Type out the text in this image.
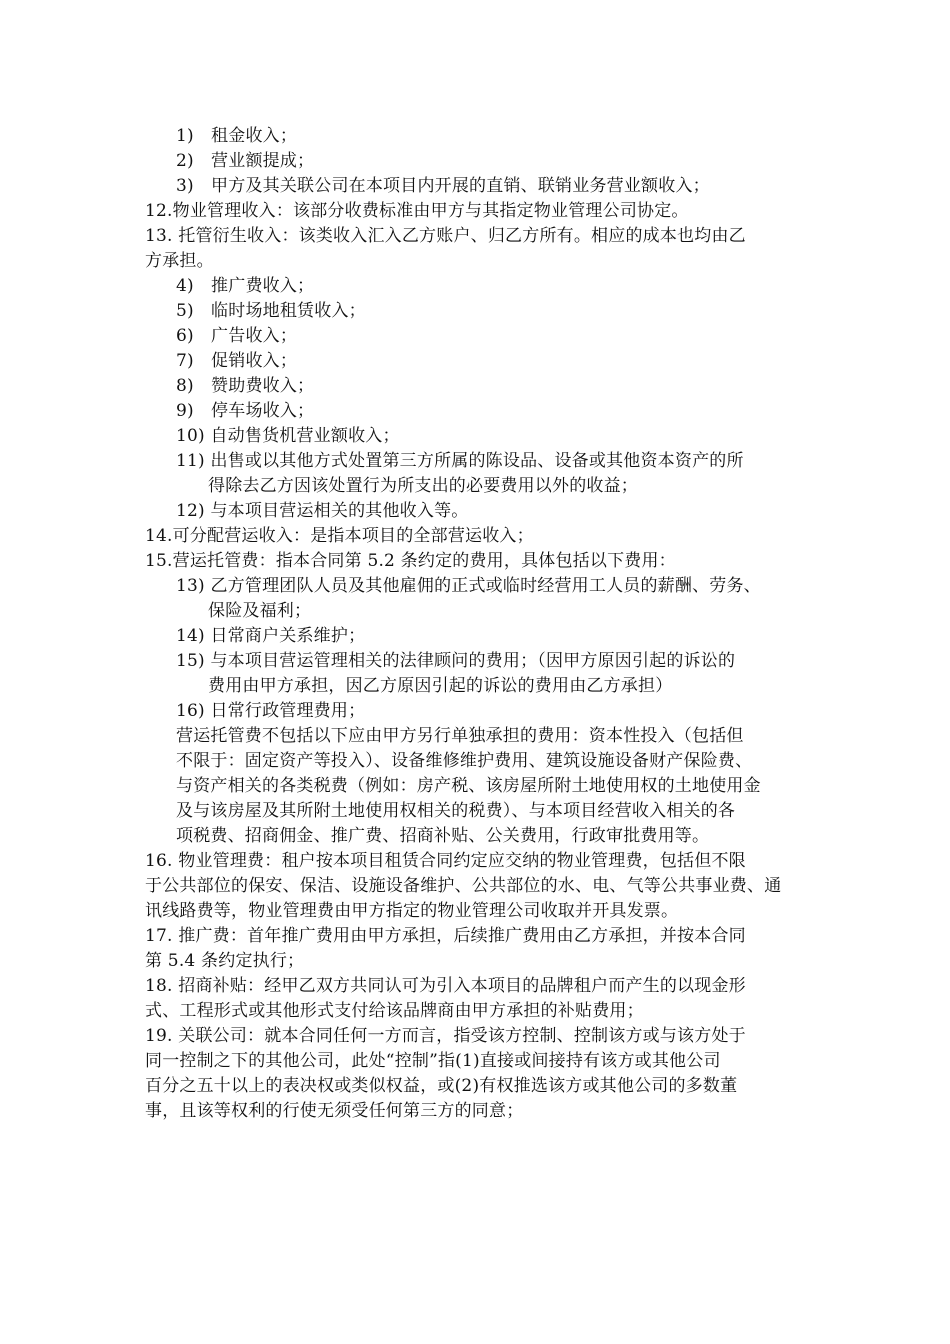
1)　租金收入；
2)　营业额提成；
3)　甲方及其关联公司在本项目内开展的直销、联销业务营业额收入；
12.物业管理收入：该部分收费标准由甲方与其指定物业管理公司协定。
13. 托管衍生收入：该类收入汇入乙方账户、归乙方所有。相应的成本也均由乙
方承担。
4)　推广费收入；
5)　临时场地租赁收入；
6)　广告收入；
7)　促销收入；
8)　赞助费收入；
9)　停车场收入；
10) 自动售货机营业额收入；
11) 出售或以其他方式处置第三方所属的陈设品、设备或其他资本资产的所
得除去乙方因该处置行为所支出的必要费用以外的收益；
12) 与本项目营运相关的其他收入等。
14.可分配营运收入：是指本项目的全部营运收入；
15.营运托管费：指本合同第 5.2 条约定的费用，具体包括以下费用：
13) 乙方管理团队人员及其他雇佣的正式或临时经营用工人员的薪酬、劳务、
保险及福利；
14) 日常商户关系维护；
15) 与本项目营运管理相关的法律顾问的费用；（因甲方原因引起的诉讼的
费用由甲方承担，因乙方原因引起的诉讼的费用由乙方承担）
16) 日常行政管理费用；
营运托管费不包括以下应由甲方另行单独承担的费用：资本性投入（包括但
不限于：固定资产等投入）、设备维修维护费用、建筑设施设备财产保险费、
与资产相关的各类税费（例如：房产税、该房屋所附土地使用权的土地使用金
及与该房屋及其所附土地使用权相关的税费）、与本项目经营收入相关的各
项税费、招商佣金、推广费、招商补贴、公关费用，行政审批费用等。
16. 物业管理费：租户按本项目租赁合同约定应交纳的物业管理费，包括但不限
于公共部位的保安、保洁、设施设备维护、公共部位的水、电、气等公共事业费、通
讯线路费等，物业管理费由甲方指定的物业管理公司收取并开具发票。
17. 推广费：首年推广费用由甲方承担，后续推广费用由乙方承担，并按本合同
第 5.4 条约定执行；
18. 招商补贴：经甲乙双方共同认可为引入本项目的品牌租户而产生的以现金形
式、工程形式或其他形式支付给该品牌商由甲方承担的补贴费用；
19. 关联公司：就本合同任何一方而言，指受该方控制、控制该方或与该方处于
同一控制之下的其他公司，此处“控制”指(1)直接或间接持有该方或其他公司
百分之五十以上的表决权或类似权益，或(2)有权推选该方或其他公司的多数董
事，且该等权利的行使无须受任何第三方的同意；
